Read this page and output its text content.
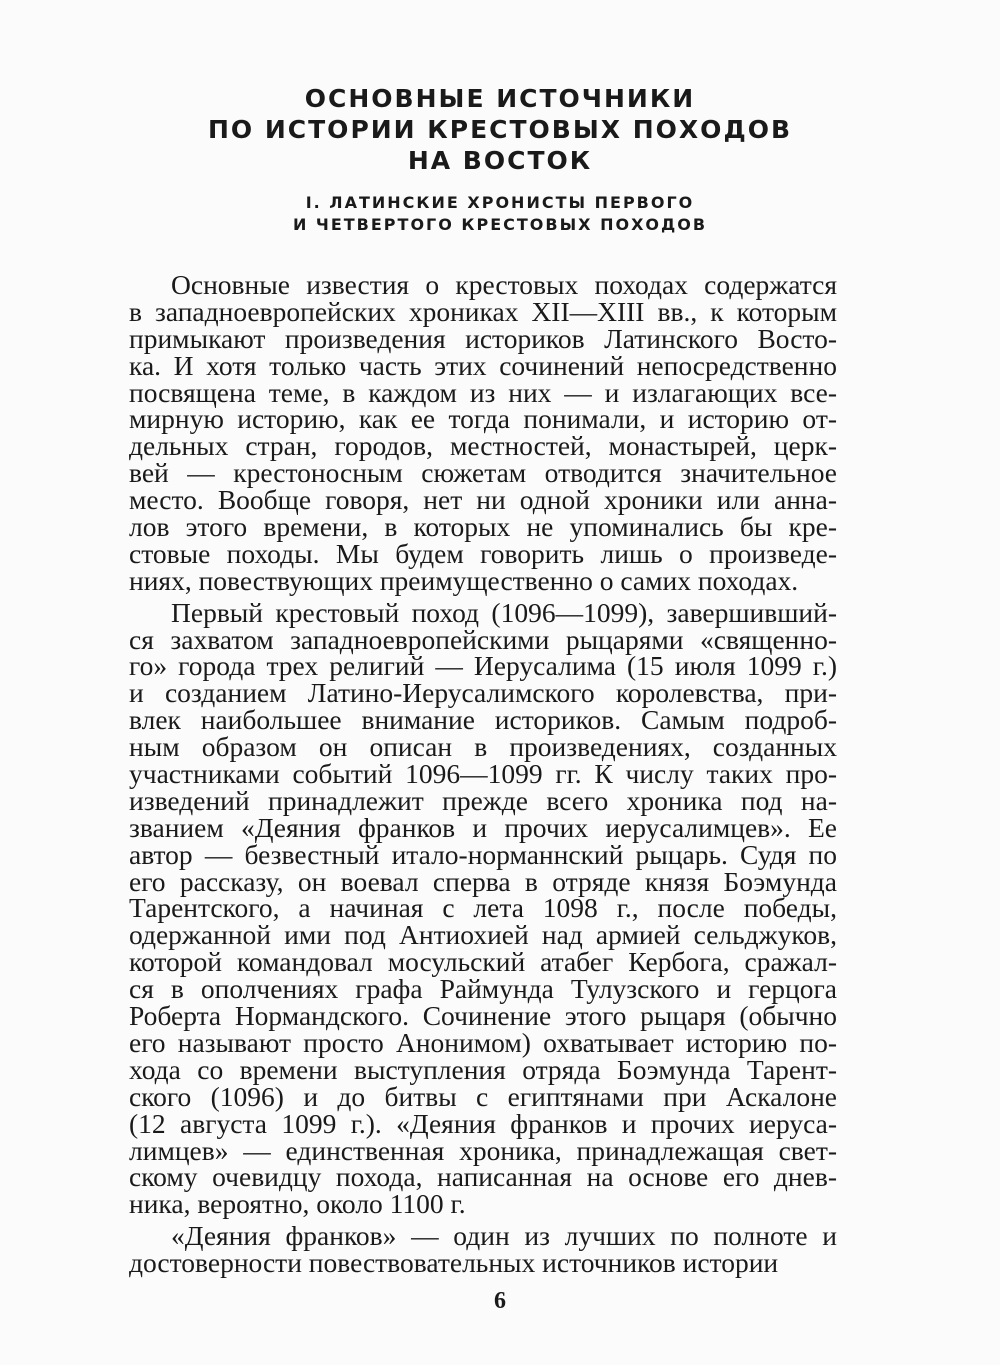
ОСНОВНЫЕ ИСТОЧНИКИ
ПО ИСТОРИИ КРЕСТОВЫХ ПОХОДОВ
НА ВОСТОК
I. ЛАТИНСКИЕ ХРОНИСТЫ ПЕРВОГО
И ЧЕТВЕРТОГО КРЕСТОВЫХ ПОХОДОВ
Основные известия о крестовых походах содержатся
в западноевропейских хрониках XII—XIII вв., к которым
примыкают произведения историков Латинского Восто-
ка. И хотя только часть этих сочинений непосредственно
посвящена теме, в каждом из них — и излагающих все-
мирную историю, как ее тогда понимали, и историю от-
дельных стран, городов, местностей, монастырей, церк-
вей — крестоносным сюжетам отводится значительное
место. Вообще говоря, нет ни одной хроники или анна-
лов этого времени, в которых не упоминались бы кре-
стовые походы. Мы будем говорить лишь о произведе-
ниях, повествующих преимущественно о самих походах.
Первый крестовый поход (1096—1099), завершивший-
ся захватом западноевропейскими рыцарями «священно-
го» города трех религий — Иерусалима (15 июля 1099 г.)
и созданием Латино-Иерусалимского королевства, при-
влек наибольшее внимание историков. Самым подроб-
ным образом он описан в произведениях, созданных
участниками событий 1096—1099 гг. К числу таких про-
изведений принадлежит прежде всего хроника под на-
званием «Деяния франков и прочих иерусалимцев». Ее
автор — безвестный итало-норманнский рыцарь. Судя по
его рассказу, он воевал сперва в отряде князя Боэмунда
Тарентского, а начиная с лета 1098 г., после победы,
одержанной ими под Антиохией над армией сельджуков,
которой командовал мосульский атабег Кербога, сражал-
ся в ополчениях графа Раймунда Тулузского и герцога
Роберта Нормандского. Сочинение этого рыцаря (обычно
его называют просто Анонимом) охватывает историю по-
хода со времени выступления отряда Боэмунда Тарент-
ского (1096) и до битвы с египтянами при Аскалоне
(12 августа 1099 г.). «Деяния франков и прочих иеруса-
лимцев» — единственная хроника, принадлежащая свет-
скому очевидцу похода, написанная на основе его днев-
ника, вероятно, около 1100 г.
«Деяния франков» — один из лучших по полноте и
достоверности повествовательных источников истории
6
